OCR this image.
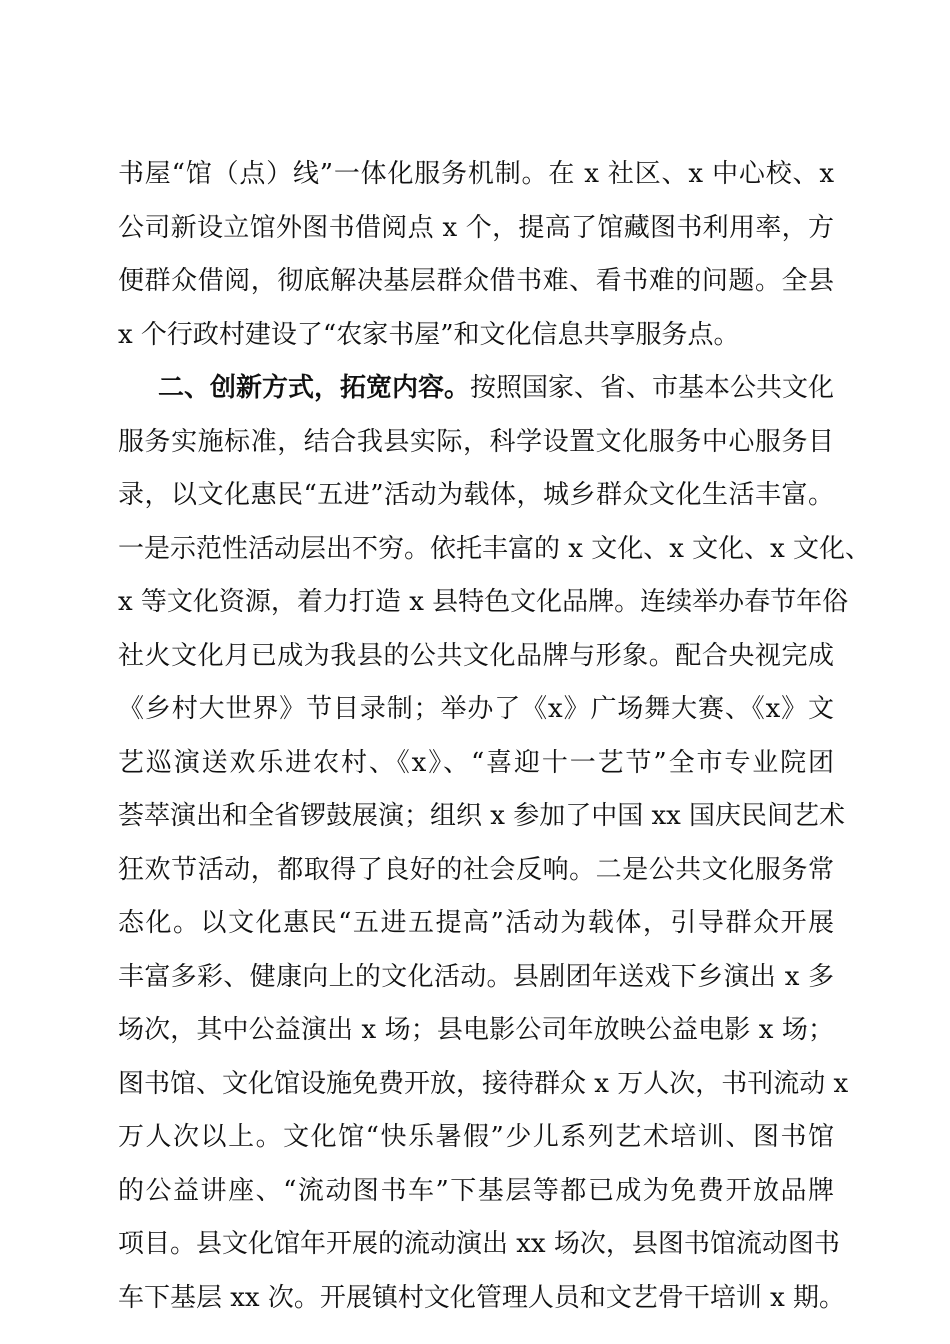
书屋“馆（点）线”一体化服务机制。在 x 社区、x 中心校、x
公司新设立馆外图书借阅点 x 个，提高了馆藏图书利用率，方
便群众借阅，彻底解决基层群众借书难、看书难的问题。全县
x 个行政村建设了“农家书屋”和文化信息共享服务点。
二、创新方式，拓宽内容。按照国家、省、市基本公共文化
服务实施标准，结合我县实际，科学设置文化服务中心服务目
录，以文化惠民“五进”活动为载体，城乡群众文化生活丰富。
一是示范性活动层出不穷。依托丰富的 x 文化、x 文化、x 文化、
x 等文化资源，着力打造 x 县特色文化品牌。连续举办春节年俗
社火文化月已成为我县的公共文化品牌与形象。配合央视完成
《乡村大世界》节目录制；举办了《x》广场舞大赛、《x》文
艺巡演送欢乐进农村、《x》、“喜迎十一艺节”全市专业院团
荟萃演出和全省锣鼓展演；组织 x 参加了中国 xx 国庆民间艺术
狂欢节活动，都取得了良好的社会反响。二是公共文化服务常
态化。以文化惠民“五进五提高”活动为载体，引导群众开展
丰富多彩、健康向上的文化活动。县剧团年送戏下乡演出 x 多
场次，其中公益演出 x 场；县电影公司年放映公益电影 x 场；
图书馆、文化馆设施免费开放，接待群众 x 万人次，书刊流动 x
万人次以上。文化馆“快乐暑假”少儿系列艺术培训、图书馆
的公益讲座、“流动图书车”下基层等都已成为免费开放品牌
项目。县文化馆年开展的流动演出 xx 场次，县图书馆流动图书
车下基层 xx 次。开展镇村文化管理人员和文艺骨干培训 x 期。
